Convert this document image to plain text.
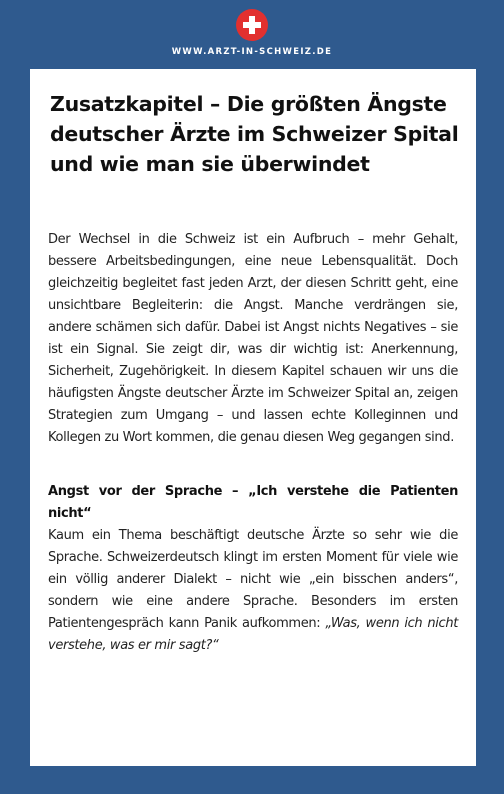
WWW.ARZT-IN-SCHWEIZ.DE
Zusatzkapitel – Die größten Ängste deutscher Ärzte im Schweizer Spital und wie man sie überwindet

Der Wechsel in die Schweiz ist ein Aufbruch – mehr Gehalt, bessere Arbeitsbedingungen, eine neue Lebensqualität. Doch gleichzeitig begleitet fast jeden Arzt, der diesen Schritt geht, eine unsichtbare Begleiterin: die Angst. Manche verdrängen sie, andere schämen sich dafür. Dabei ist Angst nichts Negatives – sie ist ein Signal. Sie zeigt dir, was dir wichtig ist: Anerkennung, Sicherheit, Zugehörigkeit. In diesem Kapitel schauen wir uns die häufigsten Ängste deutscher Ärzte im Schweizer Spital an, zeigen Strategien zum Umgang – und lassen echte Kolleginnen und Kollegen zu Wort kommen, die genau diesen Weg gegangen sind.

Angst vor der Sprache – „Ich verstehe die Patienten nicht“
Kaum ein Thema beschäftigt deutsche Ärzte so sehr wie die Sprache. Schweizerdeutsch klingt im ersten Moment für viele wie ein völlig anderer Dialekt – nicht wie „ein bisschen anders“, sondern wie eine andere Sprache. Besonders im ersten Patientengespräch kann Panik aufkommen: „Was, wenn ich nicht verstehe, was er mir sagt?“
